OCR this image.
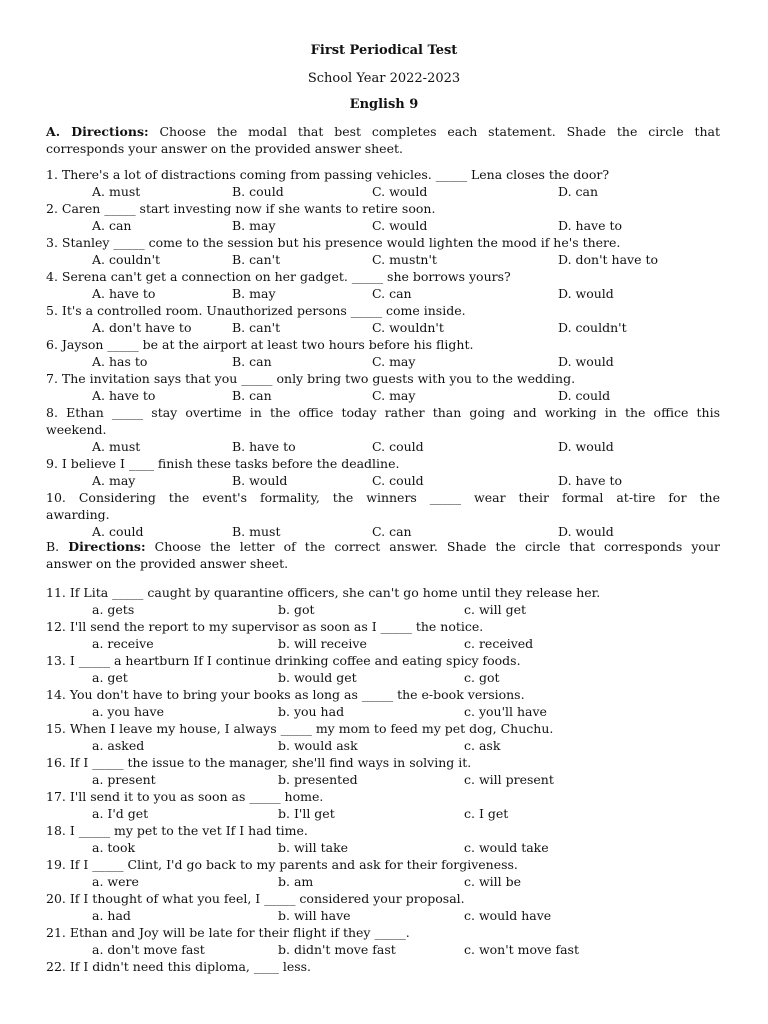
First Periodical Test
School Year 2022-2023
English 9
A. Directions: Choose the modal that best completes each statement. Shade the circle that
corresponds your answer on the provided answer sheet.
1. There's a lot of distractions coming from passing vehicles. _____ Lena closes the door?
A. must	B. could	C. would	D. can
2. Caren _____ start investing now if she wants to retire soon.
A. can	B. may	C. would	D. have to
3. Stanley _____ come to the session but his presence would lighten the mood if he's there.
A. couldn't	B. can't	C. mustn't	D. don't have to
4. Serena can't get a connection on her gadget. _____ she borrows yours?
A. have to	B. may	C. can	D. would
5. It's a controlled room. Unauthorized persons _____ come inside.
A. don't have to	B. can't	C. wouldn't	D. couldn't
6. Jayson _____ be at the airport at least two hours before his flight.
A. has to	B. can	C. may	D. would
7. The invitation says that you _____ only bring two guests with you to the wedding.
A. have to	B. can	C. may	D. could
8. Ethan _____ stay overtime in the office today rather than going and working in the office this
weekend.
A. must	B. have to	C. could	D. would
9. I believe I ____ finish these tasks before the deadline.
A. may	B. would	C. could	D. have to
10. Considering the event's formality, the winners _____ wear their formal at-tire for the
awarding.
A. could	B. must	C. can	D. would
B. Directions: Choose the letter of the correct answer. Shade the circle that corresponds your
answer on the provided answer sheet.
11. If Lita _____ caught by quarantine officers, she can't go home until they release her.
a. gets	b. got	c. will get
12. I'll send the report to my supervisor as soon as I _____ the notice.
a. receive	b. will receive	c. received
13. I _____ a heartburn If I continue drinking coffee and eating spicy foods.
a. get	b. would get	c. got
14. You don't have to bring your books as long as _____ the e-book versions.
a. you have	b. you had	c. you'll have
15. When I leave my house, I always _____ my mom to feed my pet dog, Chuchu.
a. asked	b. would ask	c. ask
16. If I _____ the issue to the manager, she'll find ways in solving it.
a. present	b. presented	c. will present
17. I'll send it to you as soon as _____ home.
a. I'd get	b. I'll get	c. I get
18. I _____ my pet to the vet If I had time.
a. took	b. will take	c. would take
19. If I _____ Clint, I'd go back to my parents and ask for their forgiveness.
a. were	b. am	c. will be
20. If I thought of what you feel, I _____ considered your proposal.
a. had	b. will have	c. would have
21. Ethan and Joy will be late for their flight if they _____.
a. don't move fast	b. didn't move fast	c. won't move fast
22. If I didn't need this diploma, ____ less.
